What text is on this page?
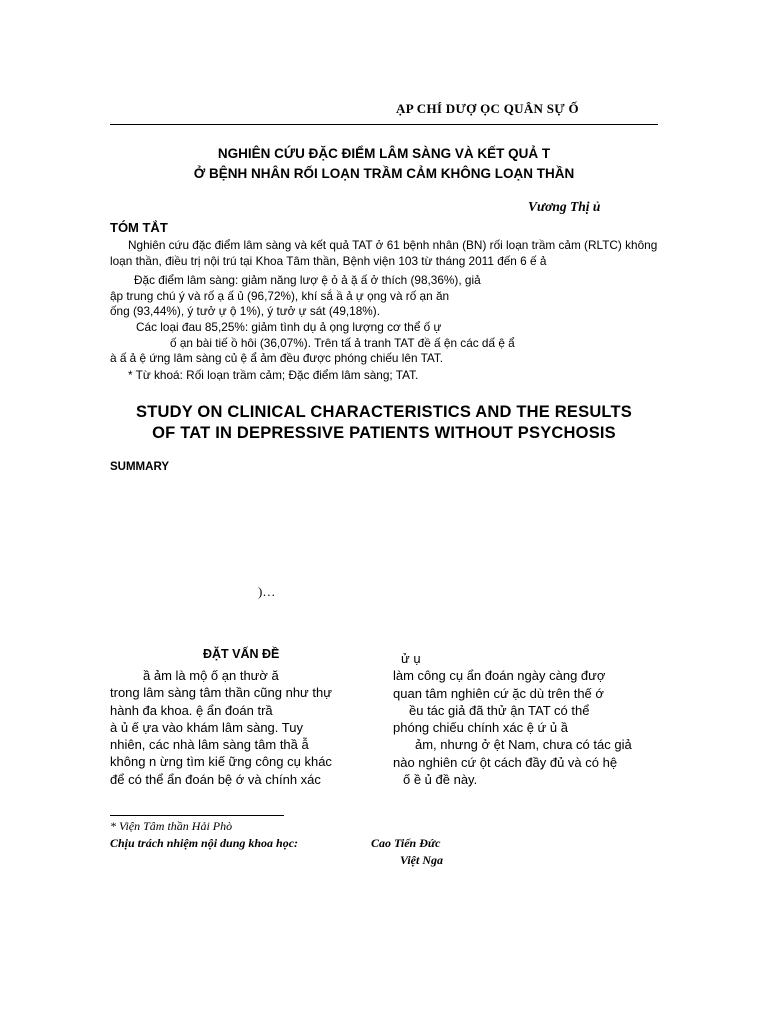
ẠP CHÍ DƯỢ ỌC QUÂN SỰ Ố
NGHIÊN CỨU ĐẶC ĐIỂM LÂM SÀNG VÀ KẾT QUẢ T
Ở BỆNH NHÂN RỐI LOẠN TRẦM CẢM KHÔNG LOẠN THẦN
Vương Thị ủ
TÓM TẮT
Nghiên cứu đặc điểm lâm sàng và kết quả TAT ở 61 bệnh nhân (BN) rối loạn trầm cảm (RLTC) không
loạn thần, điều trị nội trú tại Khoa Tâm thần, Bệnh viện 103 từ tháng 2011 đến 6 ế ả
Đặc điểm lâm sàng: giảm năng lượ ệ ỏ ả ặ ấ ở thích (98,36%), giả
ập trung chú ý và rố ạ ấ ủ (96,72%), khí sắ ầ ả ự ọng và rố ạn ăn
ống (93,44%), ý tưở ự ộ 1%), ý tưở ự sát (49,18%).
Các loại đau 85,25%: giảm tình dụ ả ọng lượng cơ thể ố ự
ố ạn bài tiế ồ hôi (36,07%). Trên tấ ả tranh TAT đề ấ ện các dấ ệ ẩ
à ấ ả ệ ứng lâm sàng củ ệ ẩ ảm đều được phóng chiếu lên TAT.
* Từ khoá: Rối loạn trầm cảm; Đặc điểm lâm sàng; TAT.
STUDY ON CLINICAL CHARACTERISTICS AND THE RESULTS
OF TAT IN DEPRESSIVE PATIENTS WITHOUT PSYCHOSIS
SUMMARY
)…
ĐẶT VẤN ĐỀ
ầ ảm là mộ ố ạn thườ ă
trong lâm sàng tâm thần cũng như thự
hành đa khoa. ệ ẩn đoán trầ
à ủ ế ựa vào khám lâm sàng. Tuy
nhiên, các nhà lâm sàng tâm thầ ẫ
không n ừng tìm kiế ững công cụ khác
để có thể ẩn đoán bệ ớ và chính xác
ử ụ
làm công cụ ẩn đoán ngày càng đượ
quan tâm nghiên cứ ặc dù trên thế ớ
ều tác giả đã thử ận TAT có thể
phóng chiếu chính xác ệ ứ ủ ầ
ảm, nhưng ở ệt Nam, chưa có tác giả
nào nghiên cứ ột cách đầy đủ và có hệ
ố ề ủ đề này.
* Viện Tâm thần Hải Phò
Chịu trách nhiệm nội dung khoa học:	Cao Tiến Đức
Việt Nga
